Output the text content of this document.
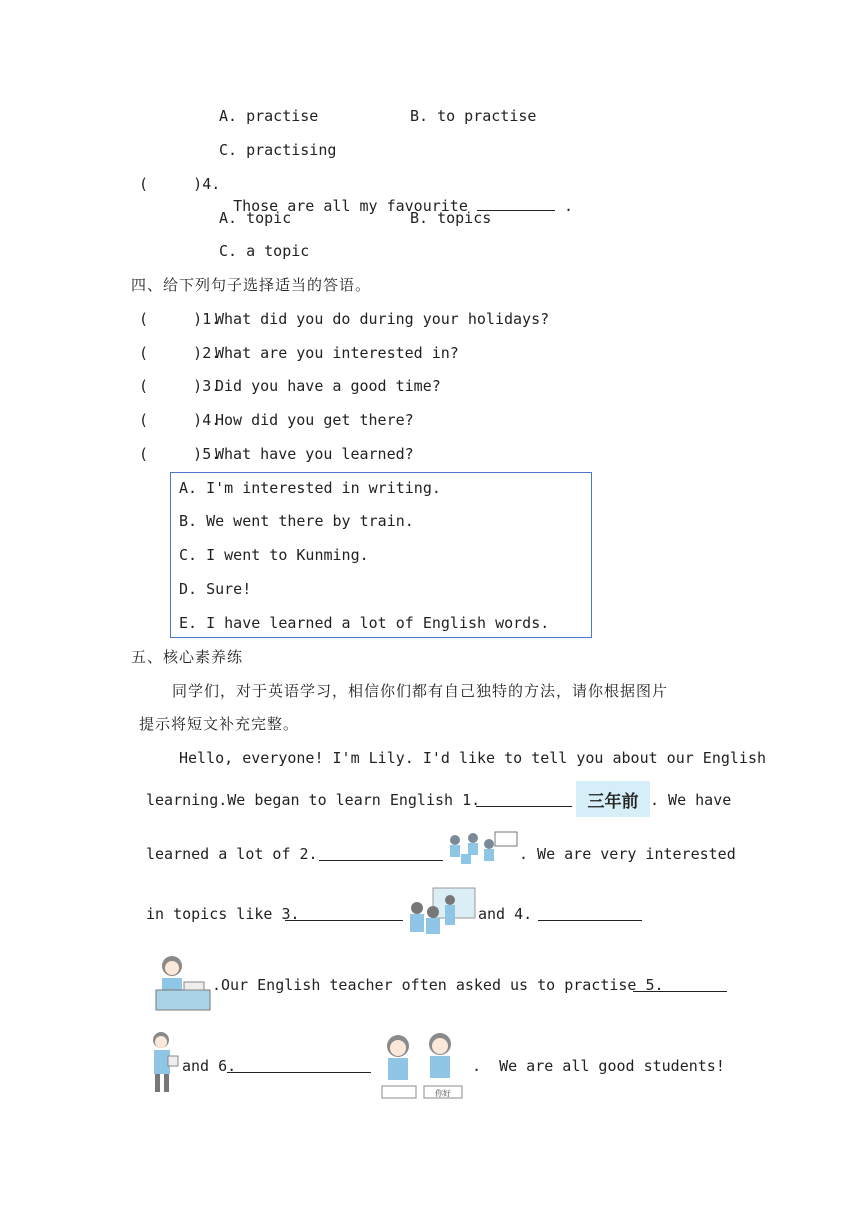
A. practise	B. to practise
C. practising
(     )4.

Those are all my favourite	.

A. topic	B. topics
C. a topic
四、给下列句子选择适当的答语。
(     )1.
What did you do during your holidays?
(     )2.
What are you interested in?
(     )3.
Did you have a good time?
(     )4.
How did you get there?
(     )5.
What have you learned?
A. I'm interested in writing.
B. We went there by train.
C. I went to Kunming.
D. Sure!
E. I have learned a lot of English words.
五、核心素养练
同学们，对于英语学习，相信你们都有自己独特的方法，请你根据图片
提示将短文补充完整。
Hello, everyone! I'm Lily. I'd like to tell you about our English
learning.We began to learn English 1.	三年前 . We have
learned a lot of 2.	. We are very interested
in topics like 3.	and 4.
.Our English teacher often asked us to practise 5.
and 6.
你好
.  We are all good students!
